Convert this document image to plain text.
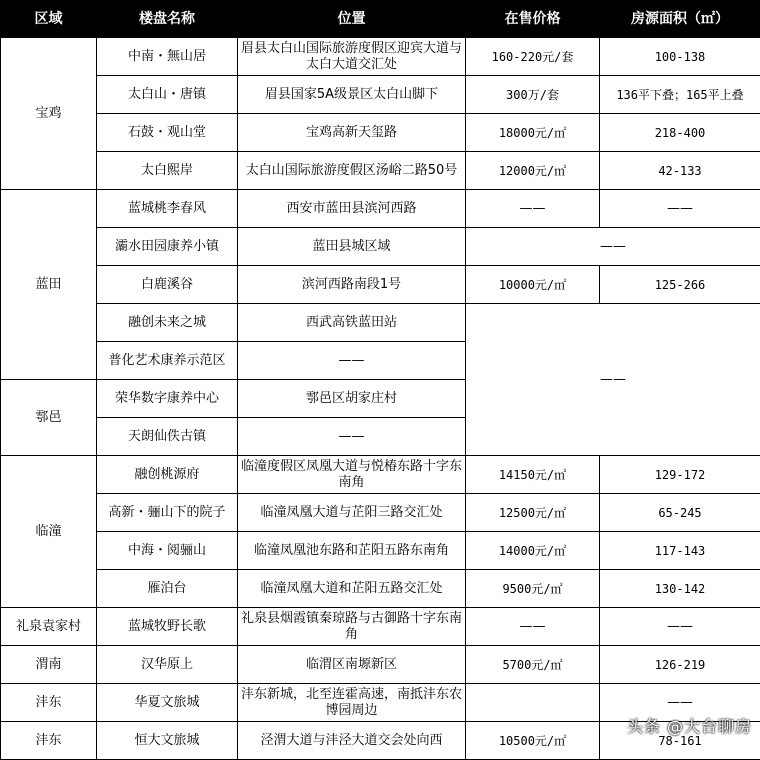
区域	楼盘名称	位置	在售价格	房源面积（㎡）
宝鸡	中南・無山居	眉县太白山国际旅游度假区迎宾大道与太白大道交汇处	160-220元/套	100-138
	太白山・唐镇	眉县国家5A级景区太白山脚下	300万/套	136平下叠；165平上叠
	石鼓・观山堂	宝鸡高新天玺路	18000元/㎡	218-400
	太白熙岸	太白山国际旅游度假区汤峪二路50号	12000元/㎡	42-133
蓝田	蓝城桃李春风	西安市蓝田县滨河西路	——	——
	灞水田园康养小镇	蓝田县城区域	——	
	白鹿溪谷	滨河西路南段1号	10000元/㎡	125-266
	融创未来之城	西武高铁蓝田站	——	
	普化艺术康养示范区	——		
鄠邑	荣华数字康养中心	鄠邑区胡家庄村		
	天朗仙佚古镇	——		
临潼	融创桃源府	临潼度假区凤凰大道与悦椿东路十字东南角	14150元/㎡	129-172
	高新・骊山下的院子	临潼凤凰大道与芷阳三路交汇处	12500元/㎡	65-245
	中海・阅骊山	临潼凤凰池东路和芷阳五路东南角	14000元/㎡	117-143
	雁泊台	临潼凤凰大道和芷阳五路交汇处	9500元/㎡	130-142
礼泉袁家村	蓝城牧野长歌	礼泉县烟霞镇秦琼路与古御路十字东南角	——	——
渭南	汉华原上	临渭区南塬新区	5700元/㎡	126-219
沣东	华夏文旅城	沣东新城，北至连霍高速，南抵沣东农博园周边		——
沣东	恒大文旅城	泾渭大道与沣泾大道交会处向西	10500元/㎡	78-161
头条 @大台聊房
